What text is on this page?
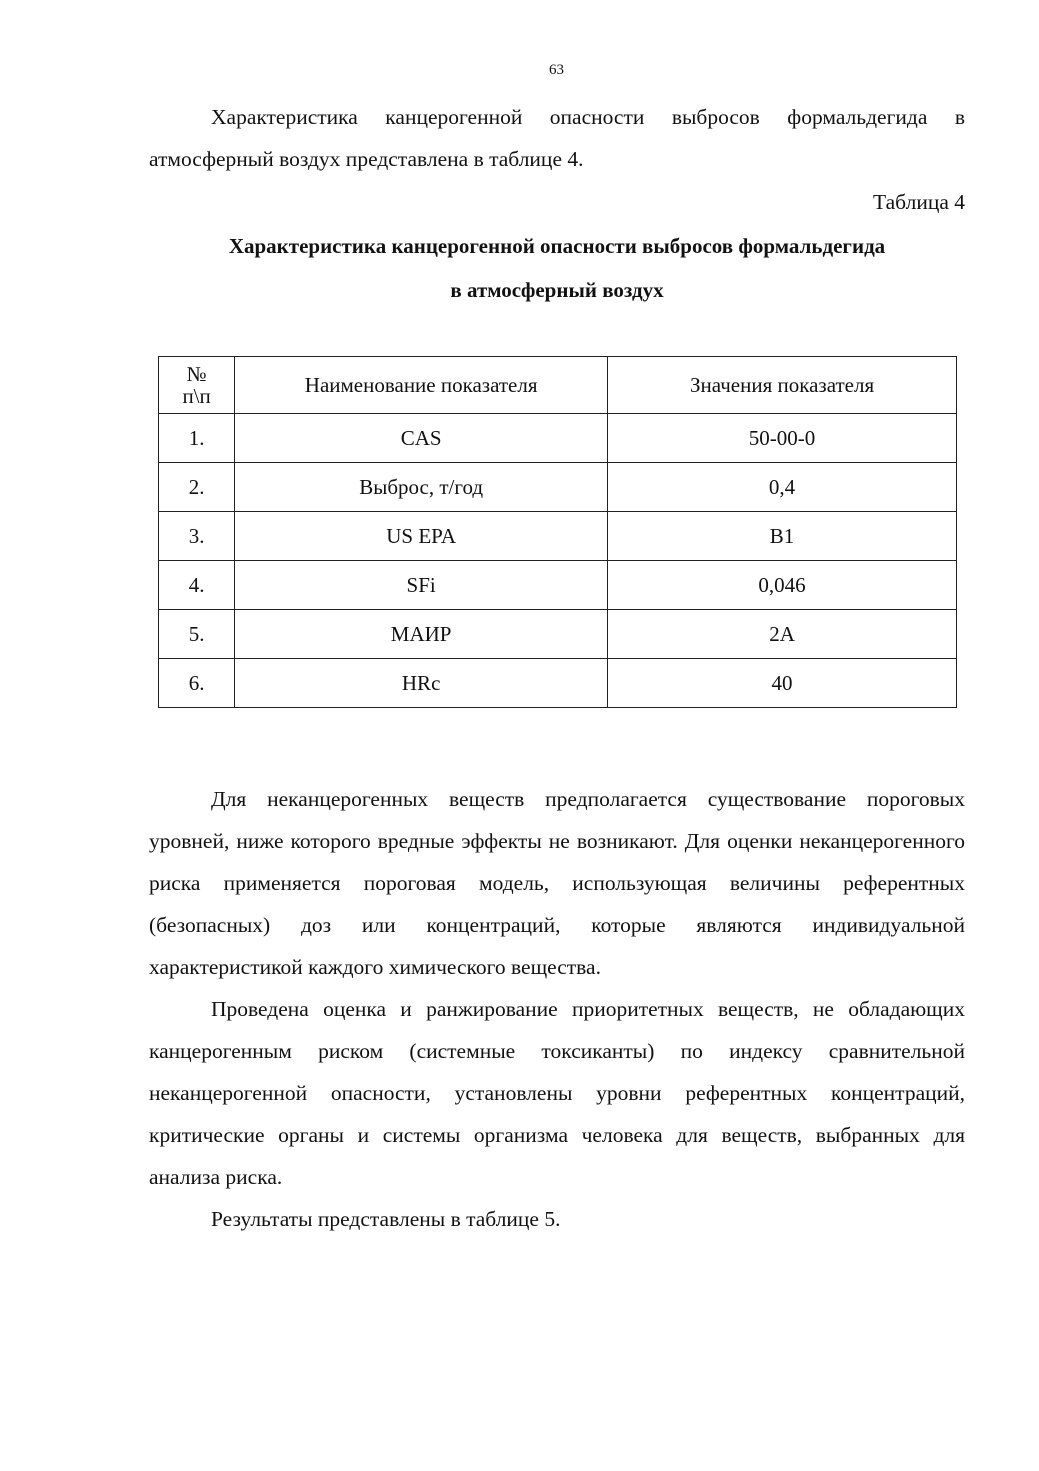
63

Характеристика канцерогенной опасности выбросов формальдегида в атмосферный воздух представлена в таблице 4.

Таблица 4
Характеристика канцерогенной опасности выбросов формальдегида
в атмосферный воздух
№
п\п	Наименование показателя	Значения показателя
1.	CAS	50-00-0
2.	Выброс, т/год	0,4
3.	US EPA	B1
4.	SFi	0,046
5.	МАИР	2A
6.	HRc	40

Для неканцерогенных веществ предполагается существование пороговых уровней, ниже которого вредные эффекты не возникают. Для оценки неканцерогенного риска применяется пороговая модель, использующая величины референтных (безопасных) доз или концентраций, которые являются индивидуальной характеристикой каждого химического вещества.

Проведена оценка и ранжирование приоритетных веществ, не обладающих канцерогенным риском (системные токсиканты) по индексу сравнительной неканцерогенной опасности, установлены уровни референтных концентраций, критические органы и системы организма человека для веществ, выбранных для анализа риска.

Результаты представлены в таблице 5.
